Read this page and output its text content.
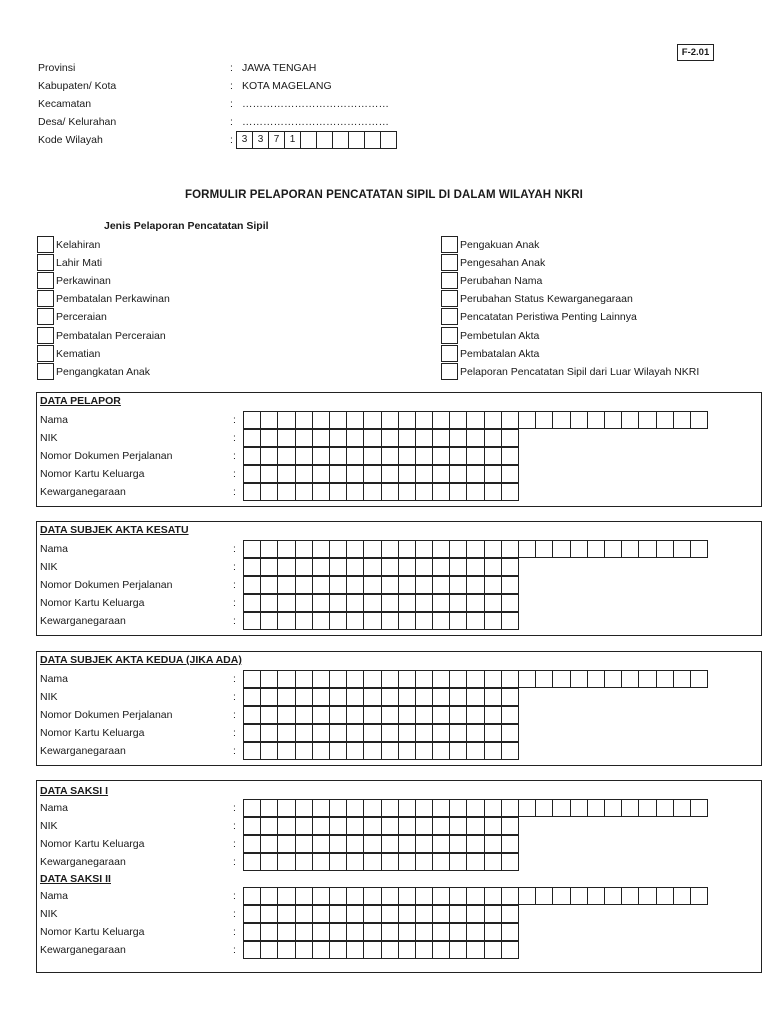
F-2.01
Provinsi	: JAWA TENGAH
Kabupaten/ Kota	: KOTA MAGELANG
Kecamatan	: ……………………………………
Desa/ Kelurahan	: ……………………………………
Kode Wilayah	: 3	3	7	1
FORMULIR PELAPORAN PENCATATAN SIPIL DI DALAM WILAYAH NKRI
Jenis Pelaporan Pencatatan Sipil
Kelahiran
Lahir Mati
Perkawinan
Pembatalan Perkawinan
Perceraian
Pembatalan Perceraian
Kematian
Pengangkatan Anak
Pengakuan Anak
Pengesahan Anak
Perubahan Nama
Perubahan Status Kewarganegaraan
Pencatatan Peristiwa Penting Lainnya
Pembetulan Akta
Pembatalan Akta
Pelaporan Pencatatan Sipil dari Luar Wilayah NKRI
DATA PELAPOR
Nama	:
NIK	:
Nomor Dokumen Perjalanan	:
Nomor Kartu Keluarga	:
Kewarganegaraan	:
DATA SUBJEK AKTA KESATU
Nama	:
NIK	:
Nomor Dokumen Perjalanan	:
Nomor Kartu Keluarga	:
Kewarganegaraan	:
DATA SUBJEK AKTA KEDUA (JIKA ADA)
Nama	:
NIK	:
Nomor Dokumen Perjalanan	:
Nomor Kartu Keluarga	:
Kewarganegaraan	:
DATA SAKSI I
Nama	:
NIK	:
Nomor Kartu Keluarga	:
Kewarganegaraan	:
DATA SAKSI II
Nama	:
NIK	:
Nomor Kartu Keluarga	:
Kewarganegaraan	:
